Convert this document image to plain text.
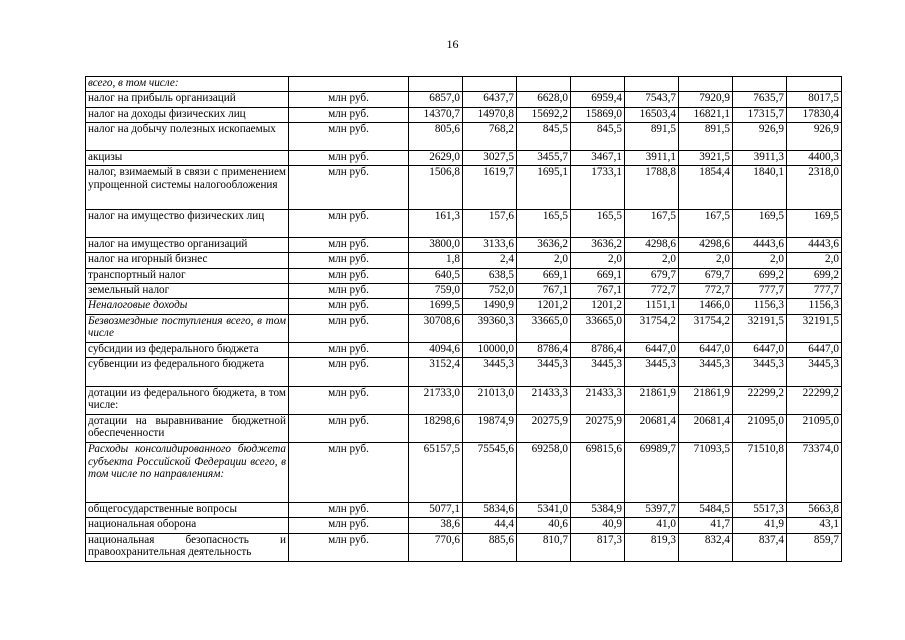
16
всего, в том числе:									
налог на прибыль организаций	млн руб.	6857,0	6437,7	6628,0	6959,4	7543,7	7920,9	7635,7	8017,5
налог на доходы физических лиц	млн руб.	14370,7	14970,8	15692,2	15869,0	16503,4	16821,1	17315,7	17830,4
налог на добычу полезных ископаемых	млн руб.	805,6	768,2	845,5	845,5	891,5	891,5	926,9	926,9
акцизы	млн руб.	2629,0	3027,5	3455,7	3467,1	3911,1	3921,5	3911,3	4400,3
налог, взимаемый в связи с применением упрощенной системы налогообложения	млн руб.	1506,8	1619,7	1695,1	1733,1	1788,8	1854,4	1840,1	2318,0
налог на имущество физических лиц	млн руб.	161,3	157,6	165,5	165,5	167,5	167,5	169,5	169,5
налог на имущество организаций	млн руб.	3800,0	3133,6	3636,2	3636,2	4298,6	4298,6	4443,6	4443,6
налог на игорный бизнес	млн руб.	1,8	2,4	2,0	2,0	2,0	2,0	2,0	2,0
транспортный налог	млн руб.	640,5	638,5	669,1	669,1	679,7	679,7	699,2	699,2
земельный налог	млн руб.	759,0	752,0	767,1	767,1	772,7	772,7	777,7	777,7
Неналоговые доходы	млн руб.	1699,5	1490,9	1201,2	1201,2	1151,1	1466,0	1156,3	1156,3
Безвозмездные поступления всего, в том числе	млн руб.	30708,6	39360,3	33665,0	33665,0	31754,2	31754,2	32191,5	32191,5
субсидии из федерального бюджета	млн руб.	4094,6	10000,0	8786,4	8786,4	6447,0	6447,0	6447,0	6447,0
субвенции из федерального бюджета	млн руб.	3152,4	3445,3	3445,3	3445,3	3445,3	3445,3	3445,3	3445,3
дотации из федерального бюджета, в том числе:	млн руб.	21733,0	21013,0	21433,3	21433,3	21861,9	21861,9	22299,2	22299,2
дотации на выравнивание бюджетной обеспеченности	млн руб.	18298,6	19874,9	20275,9	20275,9	20681,4	20681,4	21095,0	21095,0
Расходы консолидированного бюджета субъекта Российской Федерации всего, в том числе по направлениям:	млн руб.	65157,5	75545,6	69258,0	69815,6	69989,7	71093,5	71510,8	73374,0
общегосударственные вопросы	млн руб.	5077,1	5834,6	5341,0	5384,9	5397,7	5484,5	5517,3	5663,8
национальная оборона	млн руб.	38,6	44,4	40,6	40,9	41,0	41,7	41,9	43,1
национальная безопасность и правоохранительная деятельность	млн руб.	770,6	885,6	810,7	817,3	819,3	832,4	837,4	859,7
